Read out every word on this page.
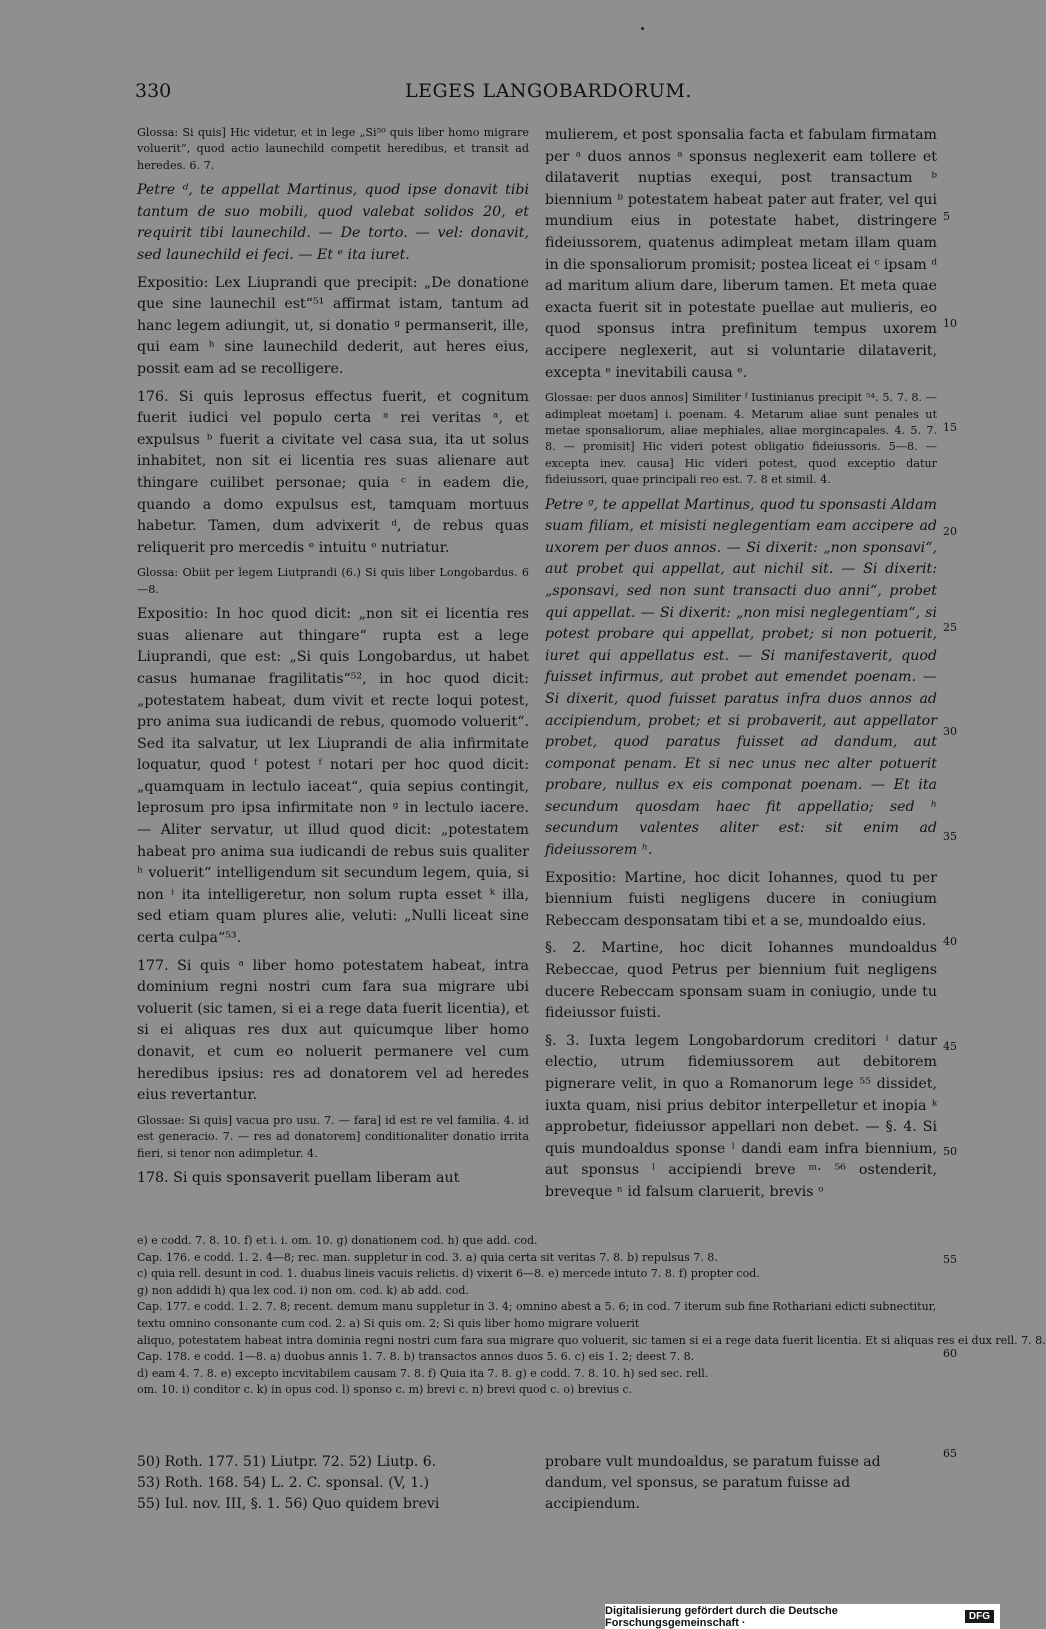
330	LEGES LANGOBARDORUM.

Glossa: Si quis] Hic videtur, et in lege „Si⁵⁰ quis liber homo migrare voluerit“, quod actio launechild competit heredibus, et transit ad heredes. 6. 7.

Petre ᵈ, te appellat Martinus, quod ipse donavit tibi tantum de suo mobili, quod valebat solidos 20, et requirit tibi launechild. — De torto. — vel: donavit, sed launechild ei feci. — Et ᵉ ita iuret.

Expositio: Lex Liuprandi que precipit: „De donatione que sine launechil est“⁵¹ affirmat istam, tantum ad hanc legem adiungit, ut, si donatio ᵍ permanserit, ille, qui eam ʰ sine launechild dederit, aut heres eius, possit eam ad se recolligere.

176. Si quis leprosus effectus fuerit, et cognitum fuerit iudici vel populo certa ᵃ rei veritas ᵃ, et expulsus ᵇ fuerit a civitate vel casa sua, ita ut solus inhabitet, non sit ei licentia res suas alienare aut thingare cuilibet personae; quia ᶜ in eadem die, quando a domo expulsus est, tamquam mortuus habetur. Tamen, dum advixerit ᵈ, de rebus quas reliquerit pro mercedis ᵉ intuitu ᵉ nutriatur.

Glossa: Obiit per legem Liutprandi (6.) Si quis liber Longobardus. 6—8.

Expositio: In hoc quod dicit: „non sit ei licentia res suas alienare aut thingare“ rupta est a lege Liuprandi, que est: „Si quis Longobardus, ut habet casus humanae fragilitatis“⁵², in hoc quod dicit: „potestatem habeat, dum vivit et recte loqui potest, pro anima sua iudicandi de rebus, quomodo voluerit“. Sed ita salvatur, ut lex Liuprandi de alia infirmitate loquatur, quod ᶠ potest ᶠ notari per hoc quod dicit: „quamquam in lectulo iaceat“, quia sepius contingit, leprosum pro ipsa infirmitate non ᵍ in lectulo iacere. — Aliter servatur, ut illud quod dicit: „potestatem habeat pro anima sua iudicandi de rebus suis qualiter ʰ voluerit“ intelligendum sit secundum legem, quia, si non ⁱ ita intelligeretur, non solum rupta esset ᵏ illa, sed etiam quam plures alie, veluti: „Nulli liceat sine certa culpa“⁵³.

177. Si quis ᵃ liber homo potestatem habeat, intra dominium regni nostri cum fara sua migrare ubi voluerit (sic tamen, si ei a rege data fuerit licentia), et si ei aliquas res dux aut quicumque liber homo donavit, et cum eo noluerit permanere vel cum heredibus ipsius: res ad donatorem vel ad heredes eius revertantur.

Glossae: Si quis] vacua pro usu. 7. — fara] id est re vel familia. 4. id est generacio. 7. — res ad donatorem] conditionaliter donatio irrita fieri, si tenor non adimpletur. 4.

178. Si quis sponsaverit puellam liberam aut

mulierem, et post sponsalia facta et fabulam firmatam per ᵃ duos annos ᵃ sponsus neglexerit eam tollere et dilataverit nuptias exequi, post transactum ᵇ biennium ᵇ potestatem habeat pater aut frater, vel qui mundium eius in potestate habet, distringere fideiussorem, quatenus adimpleat metam illam quam in die sponsaliorum promisit; postea liceat ei ᶜ ipsam ᵈ ad maritum alium dare, liberum tamen. Et meta quae exacta fuerit sit in potestate puellae aut mulieris, eo quod sponsus intra prefinitum tempus uxorem accipere neglexerit, aut si voluntarie dilataverit, excepta ᵉ inevitabili causa ᵉ.

Glossae: per duos annos] Similiter ᶠ Iustinianus precipit ⁵⁴. 5. 7. 8. — adimpleat moetam] i. poenam. 4. Metarum aliae sunt penales ut metae sponsaliorum, aliae mephiales, aliae morgincapales. 4. 5. 7. 8. — promisit] Hic videri potest obligatio fideiussoris. 5—8. — excepta inev. causa] Hic videri potest, quod exceptio datur fideiussori, quae principali reo est. 7. 8 et simil. 4.

Petre ᵍ, te appellat Martinus, quod tu sponsasti Aldam suam filiam, et misisti neglegentiam eam accipere ad uxorem per duos annos. — Si dixerit: „non sponsavi“, aut probet qui appellat, aut nichil sit. — Si dixerit: „sponsavi, sed non sunt transacti duo anni“, probet qui appellat. — Si dixerit: „non misi neglegentiam“, si potest probare qui appellat, probet; si non potuerit, iuret qui appellatus est. — Si manifestaverit, quod fuisset infirmus, aut probet aut emendet poenam. — Si dixerit, quod fuisset paratus infra duos annos ad accipiendum, probet; et si probaverit, aut appellator probet, quod paratus fuisset ad dandum, aut componat penam. Et si nec unus nec alter potuerit probare, nullus ex eis componat poenam. — Et ita secundum quosdam haec fit appellatio; sed ʰ secundum valentes aliter est: sit enim ad fideiussorem ʰ.

Expositio: Martine, hoc dicit Iohannes, quod tu per biennium fuisti negligens ducere in coniugium Rebeccam desponsatam tibi et a se, mundoaldo eius.

§. 2. Martine, hoc dicit Iohannes mundoaldus Rebeccae, quod Petrus per biennium fuit negligens ducere Rebeccam sponsam suam in coniugio, unde tu fideiussor fuisti.

§. 3. Iuxta legem Longobardorum creditori ⁱ datur electio, utrum fidemiussorem aut debitorem pignerare velit, in quo a Romanorum lege ⁵⁵ dissidet, iuxta quam, nisi prius debitor interpelletur et inopia ᵏ approbetur, fideiussor appellari non debet. — §. 4. Si quis mundoaldus sponse ˡ dandi eam infra biennium, aut sponsus ˡ accipiendi breve ᵐ· ⁵⁶ ostenderit, breveque ⁿ id falsum claruerit, brevis ᵒ

5
10
15
20
25
30
35
40
45
50
55
60
65
e) e codd. 7. 8. 10. f) et i. i. om. 10. g) donationem cod. h) que add. cod.
Cap. 176. e codd. 1. 2. 4—8; rec. man. suppletur in cod. 3. a) quia certa sit veritas 7. 8. b) repulsus 7. 8.
c) quia rell. desunt in cod. 1. duabus lineis vacuis relictis. d) vixerit 6—8. e) mercede intuto 7. 8. f) propter cod.
g) non addidi h) qua lex cod. i) non om. cod. k) ab add. cod.
Cap. 177. e codd. 1. 2. 7. 8; recent. demum manu suppletur in 3. 4; omnino abest a 5. 6; in cod. 7 iterum sub fine Rothariani edicti subnectitur, textu omnino consonante cum cod. 2. a) Si quis om. 2; Si quis liber homo migrare voluerit
aliquo, potestatem habeat intra dominia regni nostri cum fara sua migrare quo voluerit, sic tamen si ei a rege data fuerit licentia. Et si aliquas res ei dux rell. 7. 8.
Cap. 178. e codd. 1—8. a) duobus annis 1. 7. 8. b) transactos annos duos 5. 6. c) eis 1. 2; deest 7. 8.
d) eam 4. 7. 8. e) excepto incvitabilem causam 7. 8. f) Quia ita 7. 8. g) e codd. 7. 8. 10. h) sed sec. rell.
om. 10. i) conditor c. k) in opus cod. l) sponso c. m) brevi c. n) brevi quod c. o) brevius c.
50) Roth. 177. 51) Liutpr. 72. 52) Liutp. 6.
53) Roth. 168. 54) L. 2. C. sponsal. (V, 1.)
55) Iul. nov. III, §. 1. 56) Quo quidem brevi
probare vult mundoaldus, se paratum fuisse ad dandum, vel sponsus, se paratum fuisse ad accipiendum.
Digitalisierung gefördert durch die Deutsche Forschungsgemeinschaft ·	DFG
